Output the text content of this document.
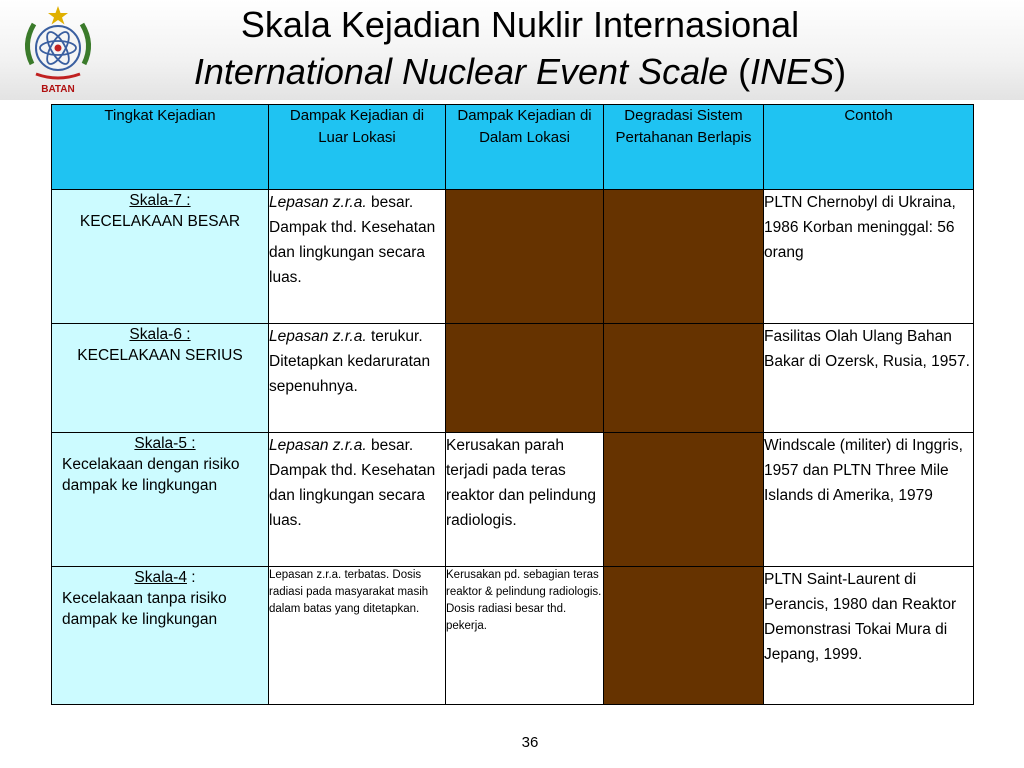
BATAN
Skala Kejadian Nuklir Internasional
International Nuclear Event Scale (INES)
Tingkat Kejadian	Dampak Kejadian di Luar Lokasi	Dampak Kejadian di Dalam Lokasi	Degradasi Sistem Pertahanan Berlapis	Contoh
Skala-7 :
KECELAKAAN BESAR	Lepasan z.r.a. besar. Dampak thd. Kesehatan dan lingkungan secara luas.			PLTN Chernobyl di Ukraina, 1986 Korban meninggal: 56 orang
Skala-6 :
KECELAKAAN SERIUS	Lepasan z.r.a. terukur. Ditetapkan kedaruratan sepenuhnya.			Fasilitas Olah Ulang Bahan Bakar di Ozersk, Rusia, 1957.

Skala-5 :
Kecelakaan dengan risiko dampak ke lingkungan	Lepasan z.r.a. besar. Dampak thd. Kesehatan dan lingkungan secara luas.	Kerusakan parah terjadi pada teras reaktor dan pelindung radiologis.		Windscale (militer) di Inggris, 1957 dan PLTN Three Mile Islands di Amerika, 1979

Skala-4 :
Kecelakaan tanpa risiko dampak ke lingkungan	Lepasan z.r.a. terbatas. Dosis radiasi pada masyarakat masih dalam batas yang ditetapkan.	Kerusakan pd. sebagian teras reaktor & pelindung radiologis. Dosis radiasi besar thd. pekerja.		PLTN Saint-Laurent di Perancis, 1980 dan Reaktor Demonstrasi Tokai Mura di Jepang, 1999.
36
